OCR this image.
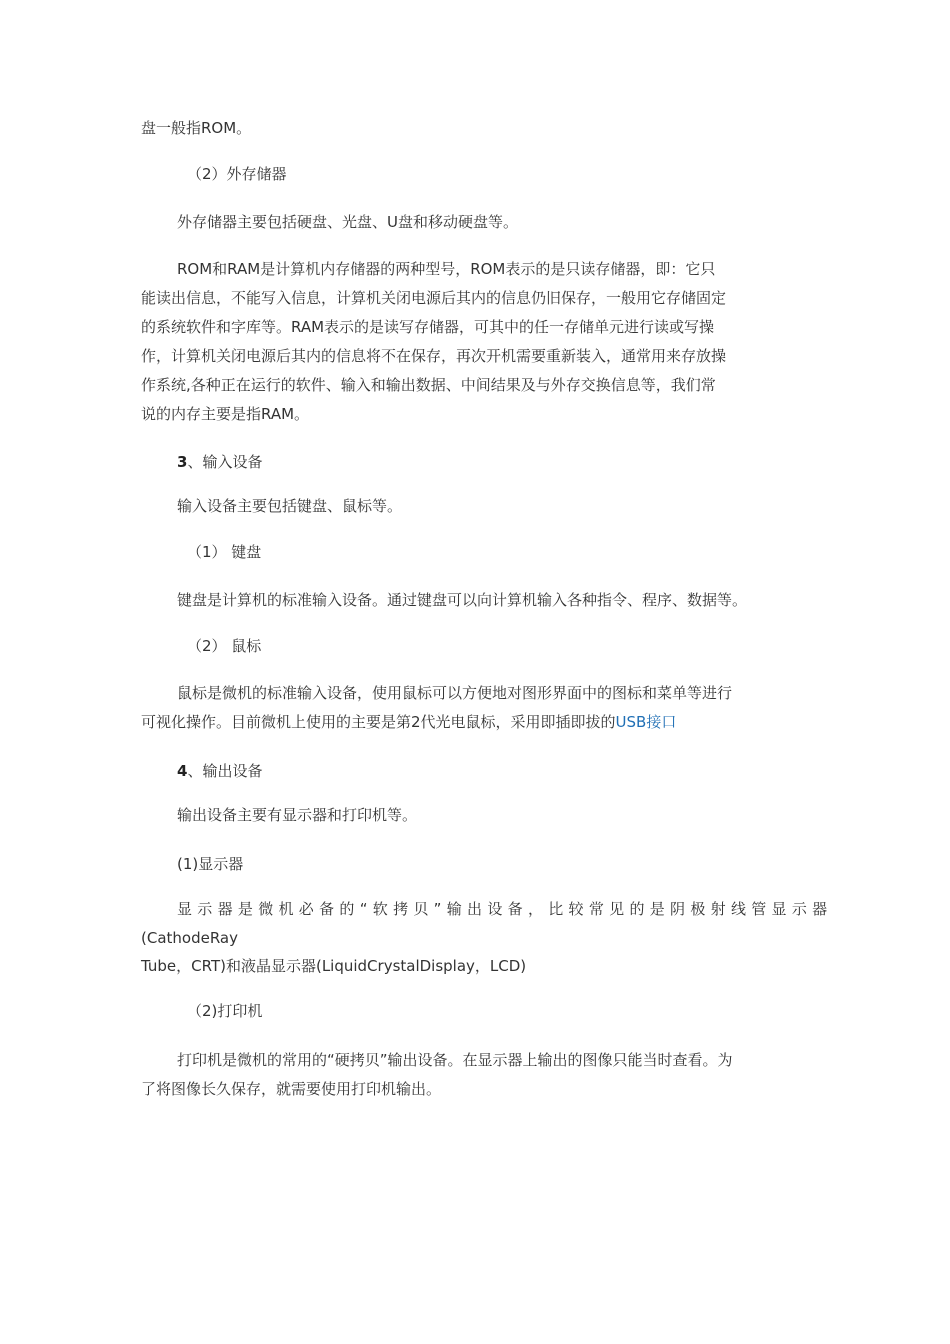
盘一般指ROM。
（2）外存储器
外存储器主要包括硬盘、光盘、U盘和移动硬盘等。
ROM和RAM是计算机内存储器的两种型号，ROM表示的是只读存储器，即：它只
能读出信息，不能写入信息，计算机关闭电源后其内的信息仍旧保存，一般用它存储固定
的系统软件和字库等。RAM表示的是读写存储器，可其中的任一存储单元进行读或写操
作，计算机关闭电源后其内的信息将不在保存，再次开机需要重新装入，通常用来存放操
作系统,各种正在运行的软件、输入和输出数据、中间结果及与外存交换信息等，我们常
说的内存主要是指RAM。
3、输入设备
输入设备主要包括键盘、鼠标等。
（1） 键盘
键盘是计算机的标准输入设备。通过键盘可以向计算机输入各种指令、程序、数据等。
（2） 鼠标
鼠标是微机的标准输入设备，使用鼠标可以方便地对图形界面中的图标和菜单等进行
可视化操作。目前微机上使用的主要是第2代光电鼠标，采用即插即拔的USB接口
4、输出设备
输出设备主要有显示器和打印机等。
(1)显示器
显示器是微机必备的“软拷贝”输出设备，比较常见的是阴极射线管显示器
(CathodeRay
Tube，CRT)和液晶显示器(LiquidCrystalDisplay，LCD)
（2)打印机
打印机是微机的常用的“硬拷贝”输出设备。在显示器上输出的图像只能当时查看。为
了将图像长久保存，就需要使用打印机输出。
